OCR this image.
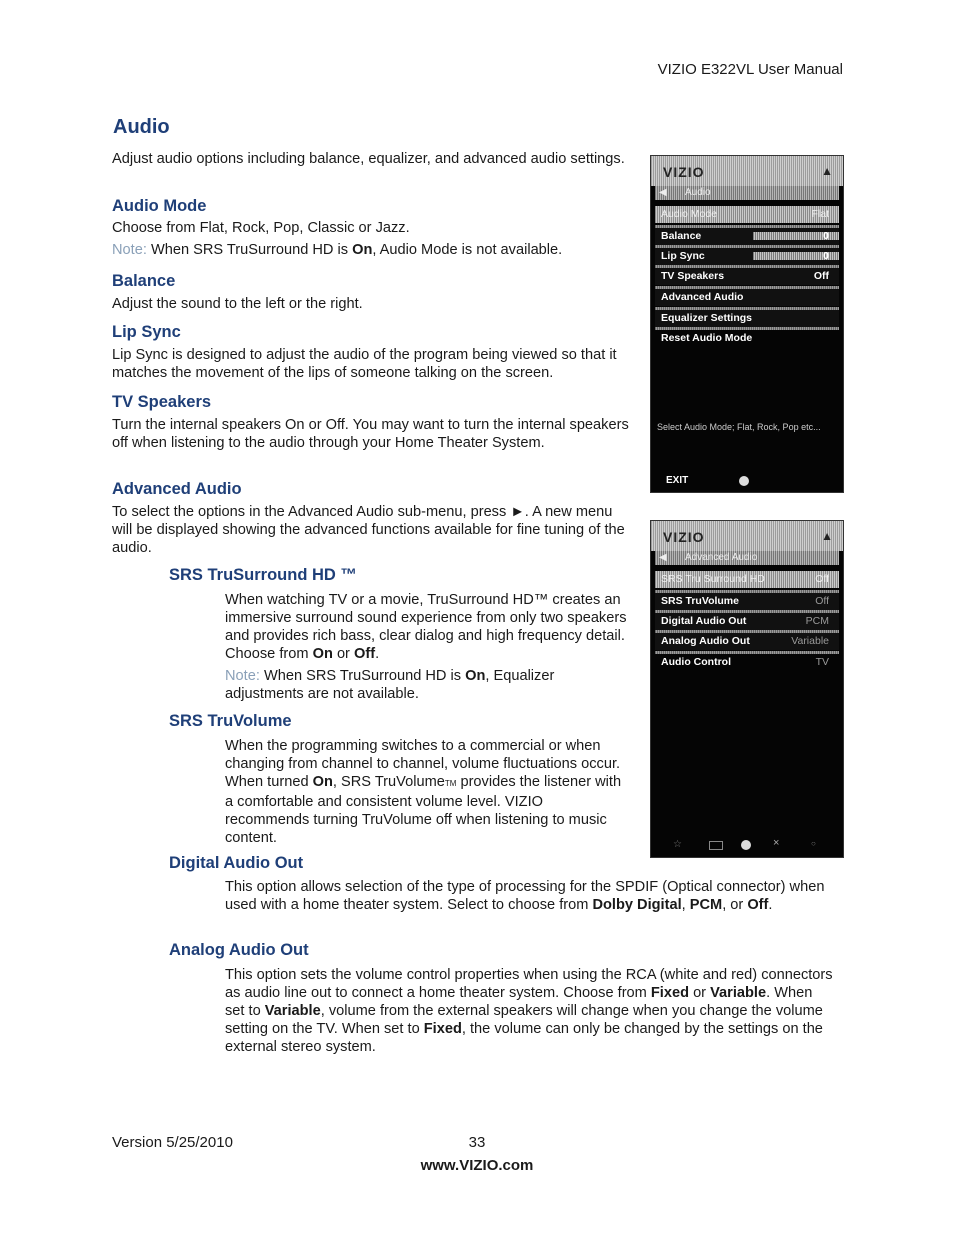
VIZIO E322VL User Manual
Audio

Adjust audio options including balance, equalizer, and advanced audio settings.

Audio Mode

Choose from Flat, Rock, Pop, Classic or Jazz.

Note: When SRS TruSurround HD is On, Audio Mode is not available.

Balance

Adjust the sound to the left or the right.

Lip Sync

Lip Sync is designed to adjust the audio of the program being viewed so that it matches the movement of the lips of someone talking on the screen.

TV Speakers

Turn the internal speakers On or Off. You may want to turn the internal speakers off when listening to the audio through your Home Theater System.

Advanced Audio

To select the options in the Advanced Audio sub-menu, press ►. A new menu will be displayed showing the advanced functions available for fine tuning of the audio.

SRS TruSurround HD ™

When watching TV or a movie, TruSurround HD™ creates an immersive surround sound experience from only two speakers and provides rich bass, clear dialog and high frequency detail. Choose from On or Off.

Note: When SRS TruSurround HD is On, Equalizer adjustments are not available.

SRS TruVolume

When the programming switches to a commercial or when changing from channel to channel, volume fluctuations occur. When turned On, SRS TruVolumeTM provides the listener with a comfortable and consistent volume level. VIZIO recommends turning TruVolume off when listening to music content.

Digital Audio Out

This option allows selection of the type of processing for the SPDIF (Optical connector) when used with a home theater system. Select to choose from Dolby Digital, PCM, or Off.

Analog Audio Out

This option sets the volume control properties when using the RCA (white and red) connectors as audio line out to connect a home theater system. Choose from Fixed or Variable. When set to Variable, volume from the external speakers will change when you change the volume setting on the TV. When set to Fixed, the volume can only be changed by the settings on the external stereo system.

VIZIO	▲
◀ Audio
Audio Mode	Flat
Balance	0
Lip Sync	0
TV Speakers	Off
Advanced Audio
Equalizer Settings
Reset Audio Mode
Select Audio Mode; Flat, Rock, Pop etc...
EXIT
VIZIO	▲
◀ Advanced Audio
SRS Tru Surround HD	Off
SRS TruVolume	Off
Digital Audio Out	PCM
Analog Audio Out	Variable
Audio Control	TV
☆	×	○
Version 5/25/2010	33
www.VIZIO.com
